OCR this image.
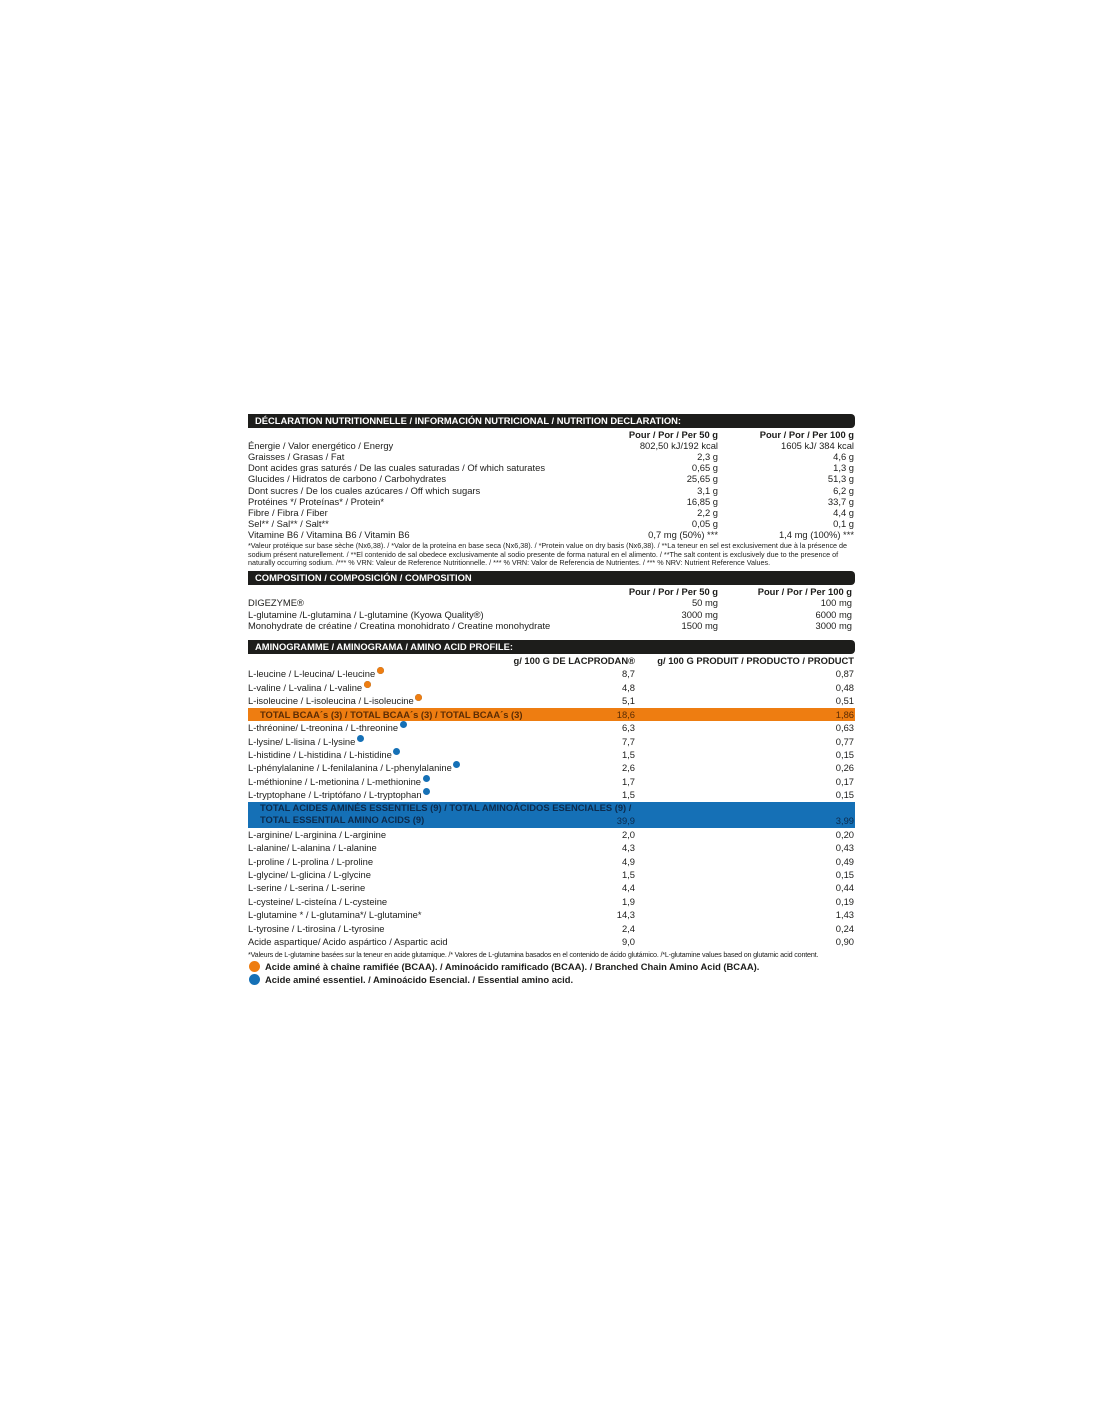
DÉCLARATION NUTRITIONNELLE / INFORMACIÓN NUTRICIONAL / NUTRITION DECLARATION:
Pour / Por / Per 50 g	Pour / Por / Per 100 g
Énergie / Valor energético / Energy	802,50 kJ/192 kcal	1605 kJ/ 384 kcal
Graisses / Grasas / Fat	2,3 g	4,6 g
Dont acides gras saturés / De las cuales saturadas / Of which saturates	0,65 g	1,3 g
Glucides / Hidratos de carbono / Carbohydrates	25,65 g	51,3 g
Dont sucres / De los cuales azúcares / Off which sugars	3,1 g	6,2 g
Protéines */ Proteínas* / Protein*	16,85 g	33,7 g
Fibre / Fibra / Fiber	2,2 g	4,4 g
Sel** / Sal** / Salt**	0,05 g	0,1 g
Vitamine B6 / Vitamina B6 / Vitamin B6	0,7 mg (50%) ***	1,4 mg (100%) ***
*Valeur protéique sur base sèche (Nx6,38). / *Valor de la proteína en base seca (Nx6,38). / *Protein value on dry basis (Nx6,38). / **La teneur en sel est exclusivement due à la présence de sodium présent naturellement. / **El contenido de sal obedece exclusivamente al sodio presente de forma natural en el alimento. / **The salt content is exclusively due to the presence of naturally occurring sodium. /*** % VRN: Valeur de Reference Nutritionnelle. / *** % VRN: Valor de Referencia de Nutrientes. / *** % NRV: Nutrient Reference Values.
COMPOSITION / COMPOSICIÓN / COMPOSITION
Pour / Por / Per 50 g	Pour / Por / Per 100 g
DIGEZYME®	50 mg	100 mg
L-glutamine /L-glutamina / L-glutamine (Kyowa Quality®)	3000 mg	6000 mg
Monohydrate de créatine / Creatina monohidrato / Creatine monohydrate	1500 mg	3000 mg
AMINOGRAMME / AMINOGRAMA / AMINO ACID PROFILE:
g/ 100 G DE LACPRODAN® g/ 100 G PRODUIT / PRODUCTO / PRODUCT
L-leucine / L-leucina/ L-leucine	8,7	0,87
L-valine / L-valina / L-valine	4,8	0,48
L-isoleucine / L-isoleucina / L-isoleucine	5,1	0,51
TOTAL BCAA´s (3) / TOTAL BCAA´s (3) / TOTAL BCAA´s (3)	18,6	1,86
L-thréonine/ L-treonina / L-threonine	6,3	0,63
L-lysine/ L-lisina / L-lysine	7,7	0,77
L-histidine / L-histidina / L-histidine	1,5	0,15
L-phénylalanine / L-fenilalanina / L-phenylalanine	2,6	0,26
L-méthionine / L-metionina / L-methionine	1,7	0,17
L-tryptophane / L-triptófano / L-tryptophan	1,5	0,15
TOTAL ACIDES AMINÉS ESSENTIELS (9) / TOTAL AMINOÁCIDOS ESENCIALES (9) / TOTAL ESSENTIAL AMINO ACIDS (9)	39,9	3,99
L-arginine/ L-arginina / L-arginine	2,0	0,20
L-alanine/ L-alanina / L-alanine	4,3	0,43
L-proline / L-prolina / L-proline	4,9	0,49
L-glycine/ L-glicina / L-glycine	1,5	0,15
L-serine / L-serina / L-serine	4,4	0,44
L-cysteine/ L-cisteína / L-cysteine	1,9	0,19
L-glutamine * / L-glutamina*/ L-glutamine*	14,3	1,43
L-tyrosine / L-tirosina / L-tyrosine	2,4	0,24
Acide aspartique/ Acido aspártico / Aspartic acid	9,0	0,90
*Valeurs de L-glutamine basées sur la teneur en acide glutamique. /* Valores de L-glutamina basados en el contenido de ácido glutámico. /*L-glutamine values based on glutamic acid content.
Acide aminé à chaîne ramifiée (BCAA). / Aminoácido ramificado (BCAA). / Branched Chain Amino Acid (BCAA).
Acide aminé essentiel. / Aminoácido Esencial. / Essential amino acid.
